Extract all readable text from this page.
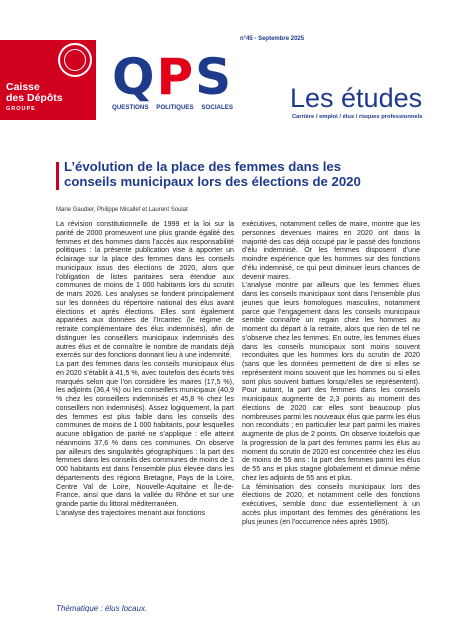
Caisse
des Dépôts
GROUPE
n°45 - Septembre 2025
QPS
QUESTIONS POLITIQUES SOCIALES Les études
Carrière / emploi / élus / risques professionnels
L’évolution de la place des femmes dans les conseils municipaux lors des élections de 2020
Marie Gaudier, Philippe Micallef et Laurent Soulat

La révision constitutionnelle de 1999 et la loi sur la parité de 2000 promeuvent une plus grande égalité des femmes et des hommes dans l’accès aux responsabilité politiques : la présente publication vise à apporter un éclairage sur la place des femmes dans les conseils municipaux issus des élections de 2020, alors que l’obligation de listes paritaires sera étendue aux communes de moins de 1 000 habitants lors du scrutin de mars 2026. Les analyses se fondent principalement sur les données du répertoire national des élus avant élections et après élections. Elles sont également appariées aux données de l’Ircantec (le régime de retraite complémentaire des élus indemnisés), afin de distinguer les conseillers municipaux indemnisés des autres élus et de connaître le nombre de mandats déjà exercés sur des fonctions donnant lieu à une indemnité.

La part des femmes dans les conseils municipaux élus en 2020 s’établit à 41,5 %, avec toutefois des écarts très marqués selon que l’on considère les maires (17,5 %), les adjoints (36,4 %) ou les conseillers municipaux (40,9 % chez les conseillers indemnisés et 45,8 % chez les conseillers non indemnisés). Assez logiquement, la part des femmes est plus faible dans les conseils des communes de moins de 1 000 habitants, pour lesquelles aucune obligation de parité ne s’applique : elle atteint néanmoins 37,6 % dans ces communes. On observe par ailleurs des singularités géographiques : la part des femmes dans les conseils des communes de moins de 1 000 habitants est dans l’ensemble plus élevée dans les départements des régions Bretagne, Pays de la Loire, Centre Val de Loire, Nouvelle-Aquitaine et Île-de-France, ainsi que dans la vallée du Rhône et sur une grande partie du littoral méditerranéen.

L’analyse des trajectoires menant aux fonctions

exécutives, notamment celles de maire, montre que les personnes devenues maires en 2020 ont dans la majorité des cas déjà occupé par le passé des fonctions d’élu indemnisé. Or les femmes disposent d’une moindre expérience que les hommes sur des fonctions d’élu indemnisé, ce qui peut diminuer leurs chances de devenir maires.

L’analyse montre par ailleurs que les femmes élues dans les conseils municipaux sont dans l’ensemble plus jeunes que leurs homologues masculins, notamment parce que l’engagement dans les conseils municipaux semble connaître un regain chez les hommes au moment du départ à la retraite, alors que rien de tel ne s’observe chez les femmes. En outre, les femmes élues dans les conseils municipaux sont moins souvent reconduites que les hommes lors du scrutin de 2020 (sans que les données permettent de dire si elles se représentent moins souvent que les hommes ou si elles sont plus souvent battues lorsqu’elles se représentent). Pour autant, la part des femmes dans les conseils municipaux augmente de 2,3 points au moment des élections de 2020 car elles sont beaucoup plus nombreuses parmi les nouveaux élus que parmi les élus non reconduits ; en particulier leur part parmi les maires augmente de plus de 2 points. On observe toutefois que la progression de la part des femmes parmi les élus au moment du scrutin de 2020 est concentrée chez les élus de moins de 55 ans : la part des femmes parmi les élus de 55 ans et plus stagne globalement et diminue même chez les adjoints de 55 ans et plus.

La féminisation des conseils municipaux lors des élections de 2020, et notamment celle des fonctions exécutives, semble donc due essentiellement à un accès plus important des femmes des générations les plus jeunes (en l’occurrence nées après 1965).

Thématique : élus locaux.
